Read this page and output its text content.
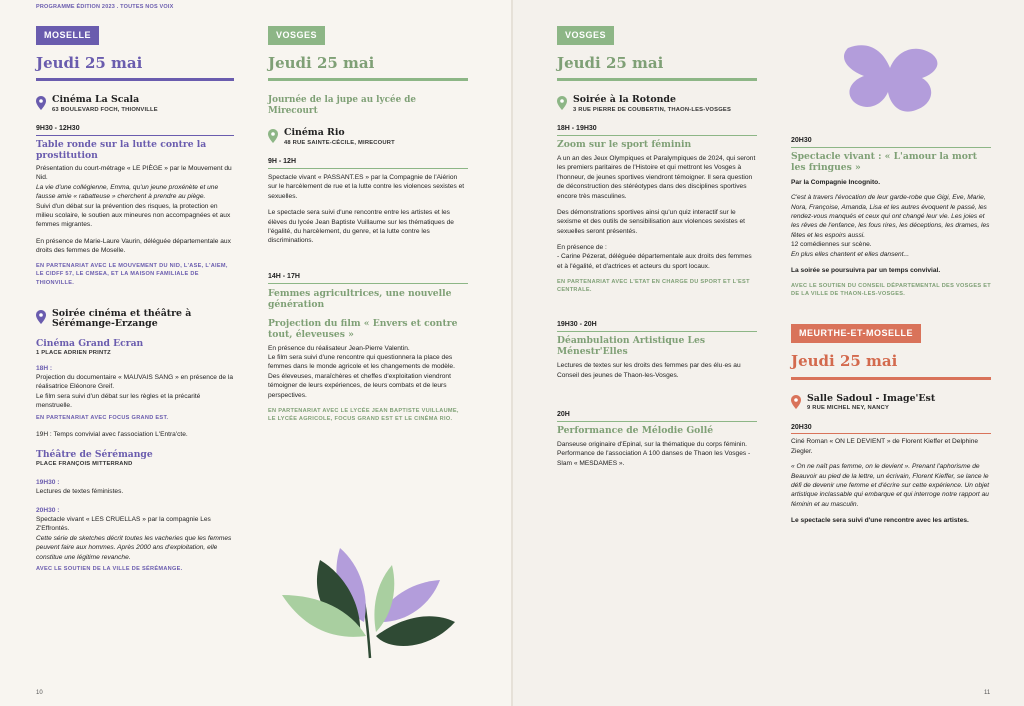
PROGRAMME ÉDITION 2023 . TOUTES NOS VOIX
10	11
MOSELLE
Jeudi 25 mai
Cinéma La Scala
63 BOULEVARD FOCH, THIONVILLE
9H30 - 12H30
Table ronde sur la lutte contre la prostitution

Présentation du court-métrage « LE PIÈGE » par le Mouvement du Nid.

La vie d'une collégienne, Emma, qu'un jeune proxénète et une fausse amie « rabatteuse » cherchent à prendre au piège.

Suivi d'un débat sur la prévention des risques, la protection en milieu scolaire, le soutien aux mineures non accompagnées et aux femmes migrantes.

En présence de Marie-Laure Vaurin, déléguée départementale aux droits des femmes de Moselle.

EN PARTENARIAT AVEC LE MOUVEMENT DU NID, L'ASE, L'AIEM, LE CIDFF 57, LE CMSEA, ET LA MAISON FAMILIALE DE THIONVILLE.

Soirée cinéma et théâtre à Sérémange-Erzange
Cinéma Grand Ecran
1 PLACE ADRIEN PRINTZ

18H :

Projection du documentaire « MAUVAIS SANG » en présence de la réalisatrice Eléonore Greif.

Le film sera suivi d'un débat sur les règles et la précarité menstruelle.

EN PARTENARIAT AVEC FOCUS GRAND EST.

19H : Temps convivial avec l'association L'Entra'cte.

Théâtre de Sérémange
PLACE FRANÇOIS MITTERRAND

19H30 :

Lectures de textes féministes.

20H30 :

Spectacle vivant « LES CRUELLAS » par la compagnie Les Z'Effrontés.

Cette série de sketches décrit toutes les vacheries que les femmes peuvent faire aux hommes. Après 2000 ans d'exploitation, elle constitue une légitime revanche.

AVEC LE SOUTIEN DE LA VILLE DE SÉRÉMANGE.

VOSGES
Jeudi 25 mai
Journée de la jupe au lycée de Mirecourt
Cinéma Rio
48 RUE SAINTE-CÉCILE, MIRECOURT
9H - 12H

Spectacle vivant « PASSANT.ES » par la Compagnie de l'Aiérion sur le harcèlement de rue et la lutte contre les violences sexistes et sexuelles.

Le spectacle sera suivi d'une rencontre entre les artistes et les élèves du lycée Jean Baptiste Vuillaume sur les thématiques de l'égalité, du harcèlement, du genre, et la lutte contre les discriminations.

14H - 17H
Femmes agricultrices, une nouvelle génération
Projection du film « Envers et contre tout, éleveuses »

En présence du réalisateur Jean-Pierre Valentin.

Le film sera suivi d'une rencontre qui questionnera la place des femmes dans le monde agricole et les changements de modèle.

Des éleveuses, maraîchères et cheffes d'exploitation viendront témoigner de leurs expériences, de leurs combats et de leurs perspectives.

EN PARTENARIAT AVEC LE LYCÉE JEAN BAPTISTE VUILLAUME, LE LYCÉE AGRICOLE, FOCUS GRAND EST ET LE CINÉMA RIO.

VOSGES
Jeudi 25 mai
Soirée à la Rotonde
3 RUE PIERRE DE COUBERTIN, THAON-LES-VOSGES
18H - 19H30
Zoom sur le sport féminin

A un an des Jeux Olympiques et Paralympiques de 2024, qui seront les premiers paritaires de l'Histoire et qui mettront les Vosges à l'honneur, de jeunes sportives viendront témoigner. Il sera question de déconstruction des stéréotypes dans des disciplines sportives encore très masculines.

Des démonstrations sportives ainsi qu'un quiz interactif sur le sexisme et des outils de sensibilisation aux violences sexistes et sexuelles seront présentés.

En présence de :

- Carine Pézerat, déléguée départementale aux droits des femmes et à l'égalité, et d'actrices et acteurs du sport locaux.

EN PARTENARIAT AVEC L'ETAT EN CHARGE DU SPORT ET L'EST CENTRALE.

19H30 - 20H
Déambulation Artistique Les Ménestr'Elles

Lectures de textes sur les droits des femmes par des élu·es au Conseil des jeunes de Thaon-les-Vosges.

20H
Performance de Mélodie Gollé

Danseuse originaire d'Epinal, sur la thématique du corps féminin.

Performance de l'association A 100 danses de Thaon les Vosges - Slam « MESDAMES ».

20H30
Spectacle vivant : « L'amour la mort les fringues »

Par la Compagnie Incognito.

C'est à travers l'évocation de leur garde-robe que Gigi, Eve, Marie, Nora, Françoise, Amanda, Lisa et les autres évoquent le passé, les rendez-vous manqués et ceux qui ont changé leur vie. Les joies et les rêves de l'enfance, les fous rires, les déceptions, les drames, les fêtes et les espoirs aussi.

12 comédiennes sur scène.

En plus elles chantent et elles dansent...

La soirée se poursuivra par un temps convivial.

AVEC LE SOUTIEN DU CONSEIL DÉPARTEMENTAL DES VOSGES ET DE LA VILLE DE THAON-LES-VOSGES.

MEURTHE-ET-MOSELLE
Jeudi 25 mai
Salle Sadoul - Image'Est
9 RUE MICHEL NEY, NANCY
20H30

Ciné Roman « ON LE DEVIENT » de Florent Kieffer et Delphine Ziegler.

« On ne naît pas femme, on le devient ». Prenant l'aphorisme de Beauvoir au pied de la lettre, un écrivain, Florent Kieffer, se lance le défi de devenir une femme et d'écrire sur cette expérience. Un objet artistique inclassable qui embarque et qui interroge notre rapport au féminin et au masculin.

Le spectacle sera suivi d'une rencontre avec les artistes.
